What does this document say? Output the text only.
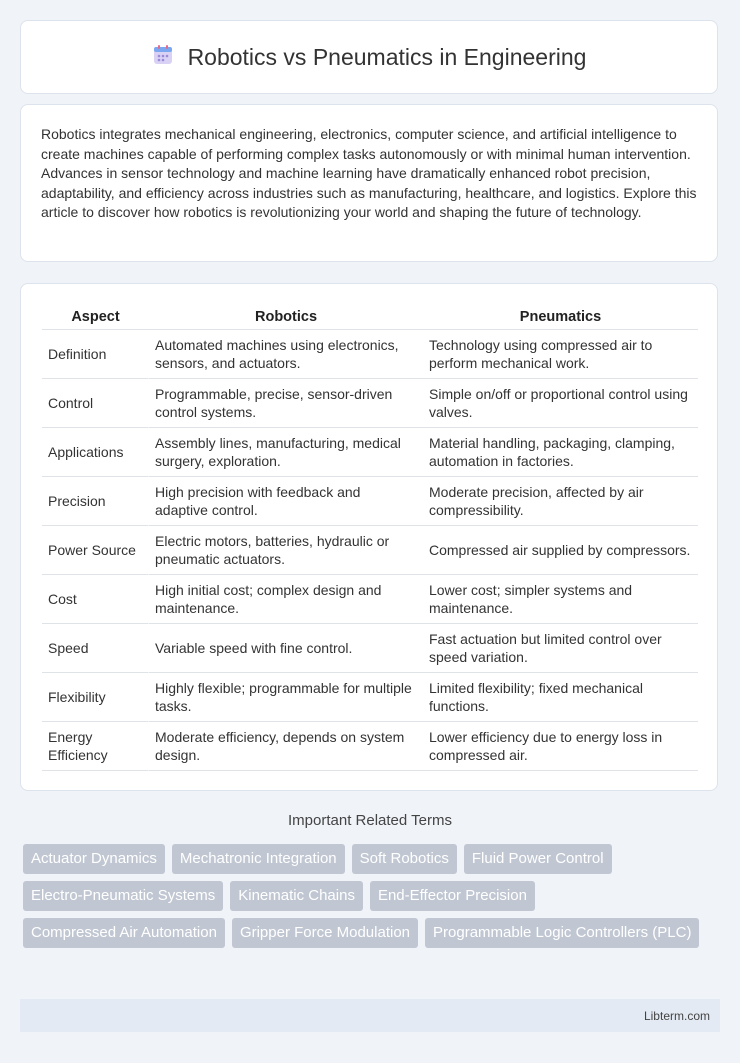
Robotics vs Pneumatics in Engineering
Robotics integrates mechanical engineering, electronics, computer science, and artificial intelligence to create machines capable of performing complex tasks autonomously or with minimal human intervention. Advances in sensor technology and machine learning have dramatically enhanced robot precision, adaptability, and efficiency across industries such as manufacturing, healthcare, and logistics. Explore this article to discover how robotics is revolutionizing your world and shaping the future of technology.
Aspect	Robotics	Pneumatics
Definition	Automated machines using electronics, sensors, and actuators.	Technology using compressed air to perform mechanical work.
Control	Programmable, precise, sensor-driven control systems.	Simple on/off or proportional control using valves.
Applications	Assembly lines, manufacturing, medical surgery, exploration.	Material handling, packaging, clamping, automation in factories.
Precision	High precision with feedback and adaptive control.	Moderate precision, affected by air compressibility.
Power Source	Electric motors, batteries, hydraulic or pneumatic actuators.	Compressed air supplied by compressors.
Cost	High initial cost; complex design and maintenance.	Lower cost; simpler systems and maintenance.
Speed	Variable speed with fine control.	Fast actuation but limited control over speed variation.
Flexibility	Highly flexible; programmable for multiple tasks.	Limited flexibility; fixed mechanical functions.
Energy Efficiency	Moderate efficiency, depends on system design.	Lower efficiency due to energy loss in compressed air.
Important Related Terms
Actuator Dynamics	Mechatronic Integration	Soft Robotics	Fluid Power Control
Electro-Pneumatic Systems	Kinematic Chains	End-Effector Precision
Compressed Air Automation	Gripper Force Modulation	Programmable Logic Controllers (PLC)
Libterm.com
